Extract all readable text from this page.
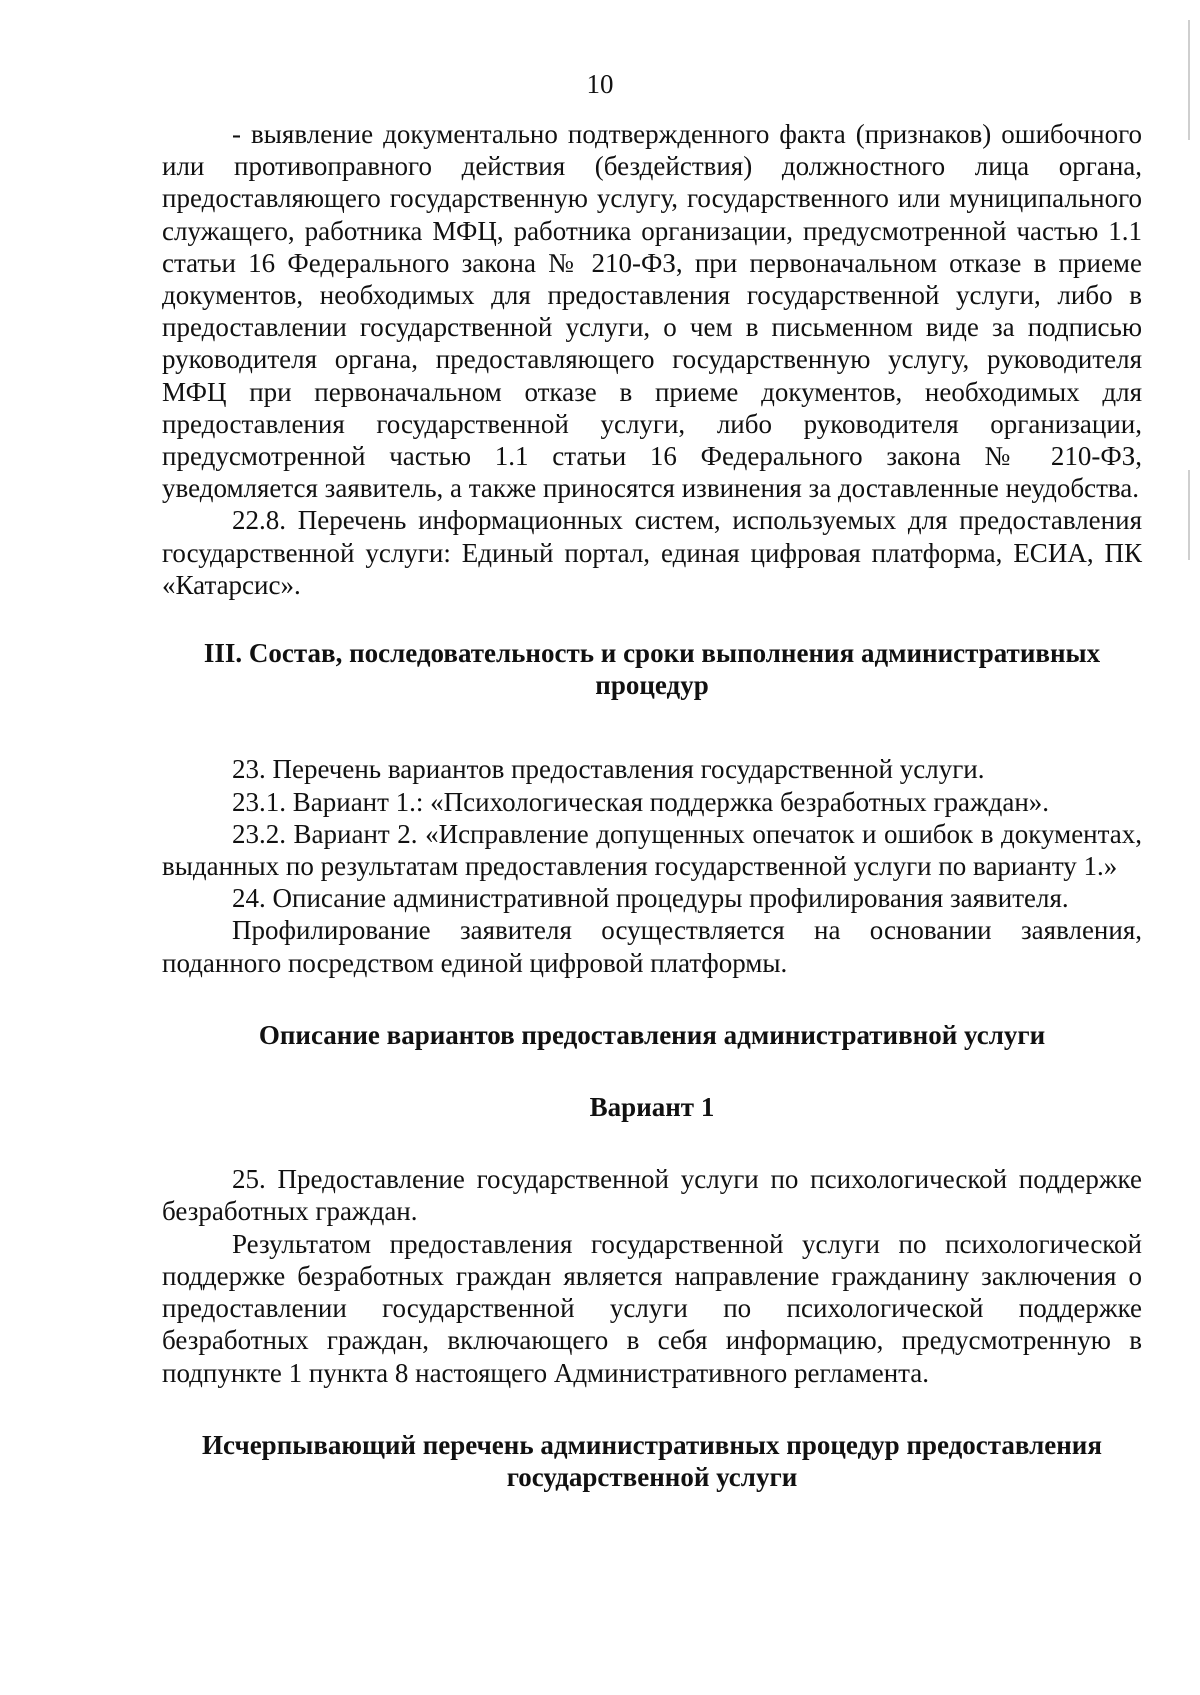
10

- выявление документально подтвержденного факта (признаков) ошибочного или противоправного действия (бездействия) должностного лица органа, предоставляющего государственную услугу, государственного или муниципального служащего, работника МФЦ, работника организации, предусмотренной частью 1.1 статьи 16 Федерального закона № 210-ФЗ, при первоначальном отказе в приеме документов, необходимых для предоставления государственной услуги, либо в предоставлении государственной услуги, о чем в письменном виде за подписью руководителя органа, предоставляющего государственную услугу, руководителя МФЦ при первоначальном отказе в приеме документов, необходимых для предоставления государственной услуги, либо руководителя организации, предусмотренной частью 1.1 статьи 16 Федерального закона № 210-ФЗ, уведомляется заявитель, а также приносятся извинения за доставленные неудобства.

22.8. Перечень информационных систем, используемых для предоставления государственной услуги: Единый портал, единая цифровая платформа, ЕСИА, ПК «Катарсис».

III. Состав, последовательность и сроки выполнения административных процедур

23. Перечень вариантов предоставления государственной услуги.

23.1. Вариант 1.: «Психологическая поддержка безработных граждан».

23.2. Вариант 2. «Исправление допущенных опечаток и ошибок в документах, выданных по результатам предоставления государственной услуги по варианту 1.»

24. Описание административной процедуры профилирования заявителя.

Профилирование заявителя осуществляется на основании заявления, поданного посредством единой цифровой платформы.

Описание вариантов предоставления административной услуги

Вариант 1

25. Предоставление государственной услуги по психологической поддержке безработных граждан.

Результатом предоставления государственной услуги по психологической поддержке безработных граждан является направление гражданину заключения о предоставлении государственной услуги по психологической поддержке безработных граждан, включающего в себя информацию, предусмотренную в подпункте 1 пункта 8 настоящего Административного регламента.

Исчерпывающий перечень административных процедур предоставления государственной услуги
